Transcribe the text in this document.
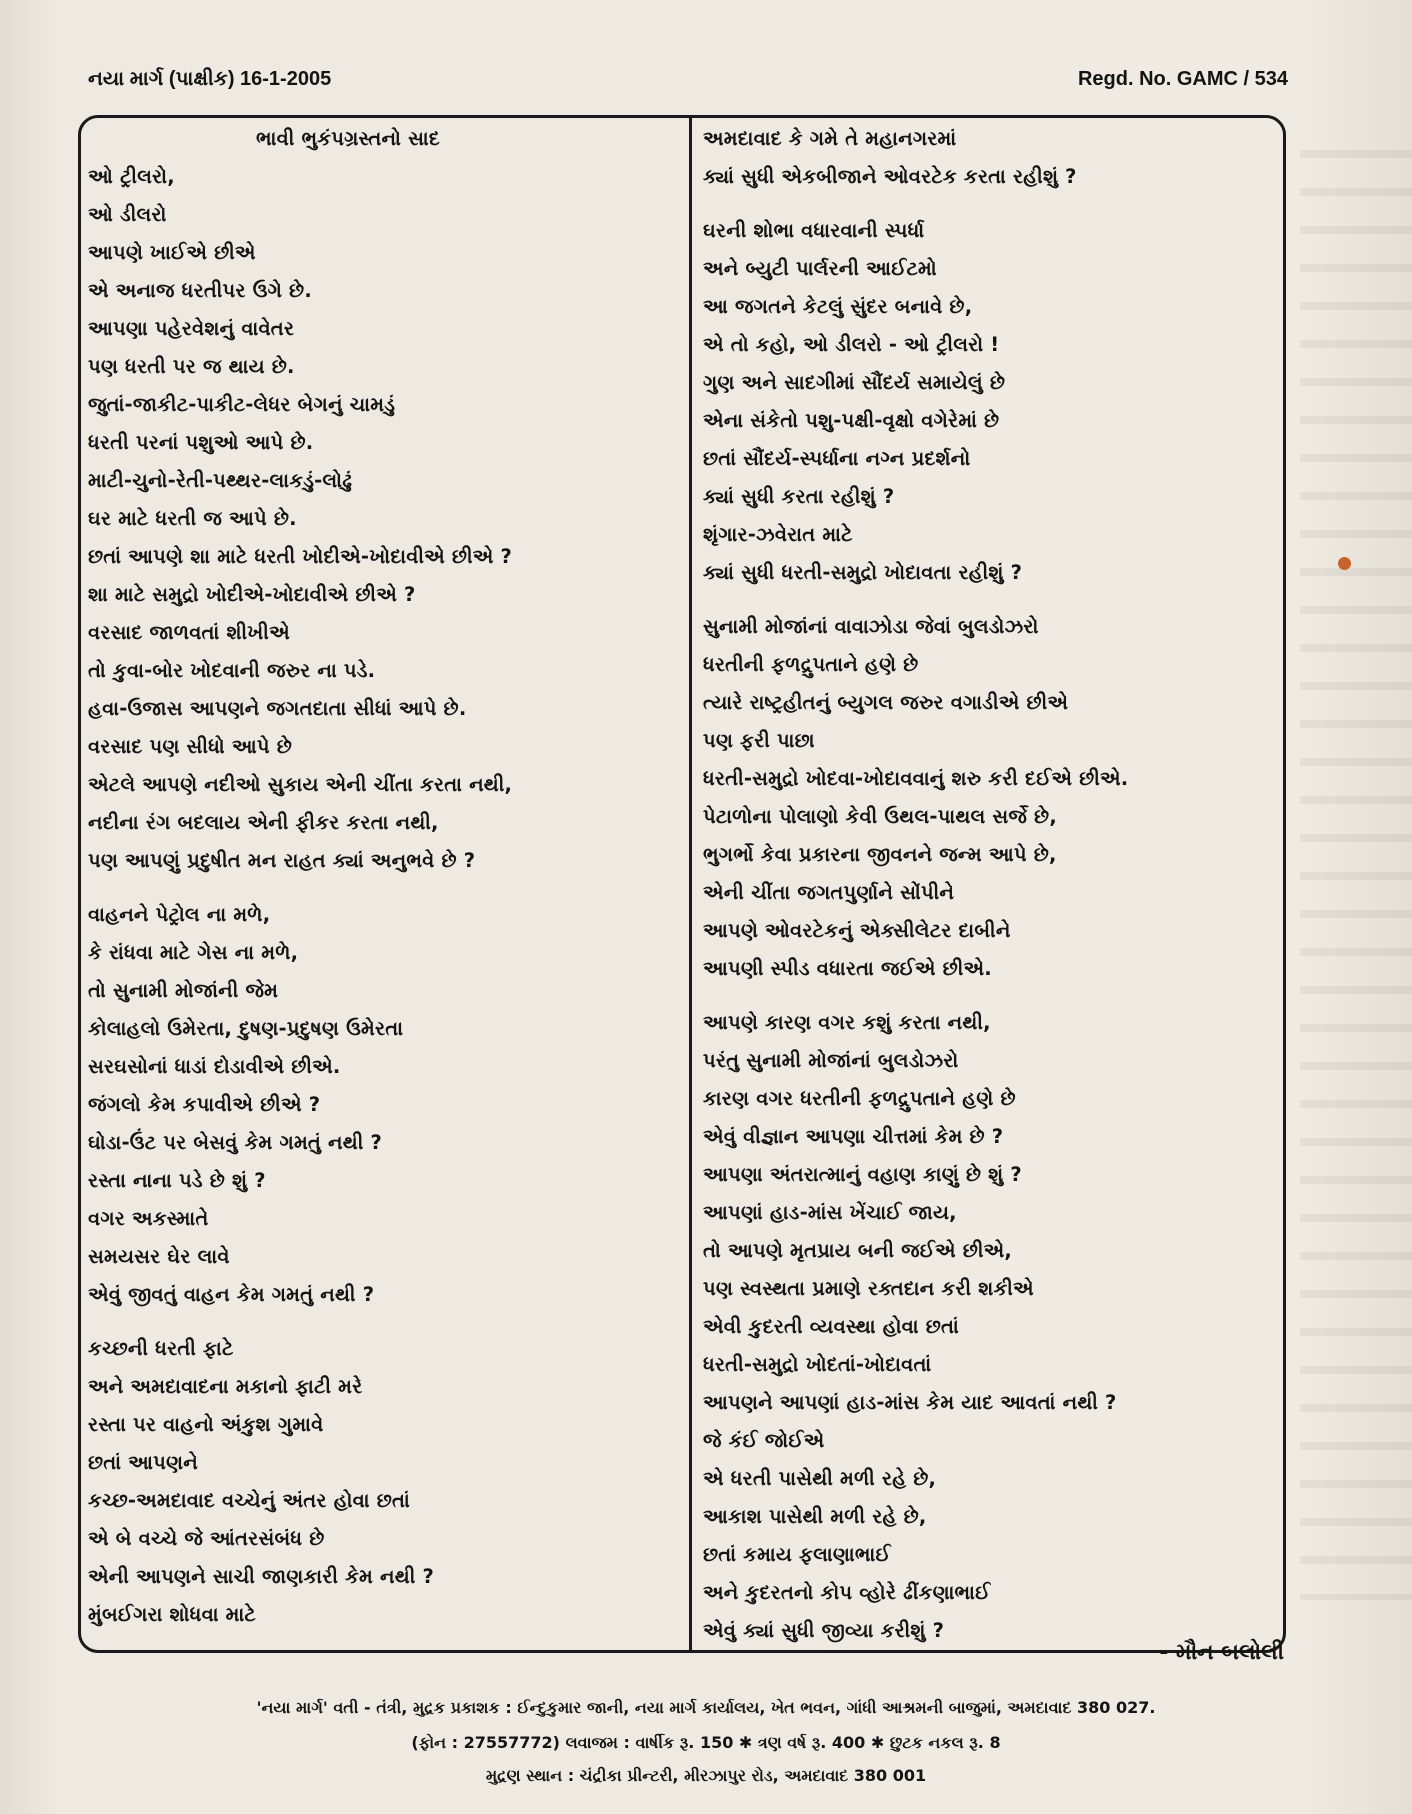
નયા માર્ગ (પાક્ષીક) 16-1-2005	Regd. No. GAMC / 534
ભાવી ભુકંપગ્રસ્તનો સાદ
ઓ ટ્રીલરો,
ઓ ડીલરો
આપણે ખાઈએ છીએ
એ અનાજ ધરતીપર ઉગે છે.
આપણા પહેરવેશનું વાવેતર
પણ ધરતી પર જ થાય છે.
જુતાં-જાકીટ-પાકીટ-લેધર બેગનું ચામડું
ધરતી પરનાં પશુઓ આપે છે.
માટી-ચુનો-રેતી-પથ્થર-લાકડું-લોઢું
ઘર માટે ધરતી જ આપે છે.
છતાં આપણે શા માટે ધરતી ખોદીએ-ખોદાવીએ છીએ ?
શા માટે સમુદ્રો ખોદીએ-ખોદાવીએ છીએ ?
વરસાદ જાળવતાં શીખીએ
તો કુવા-બોર ખોદવાની જરુર ના પડે.
હવા-ઉજાસ આપણને જગતદાતા સીધાં આપે છે.
વરસાદ પણ સીધો આપે છે
એટલે આપણે નદીઓ સુકાય એની ચીંતા કરતા નથી,
નદીના રંગ બદલાય એની ફીકર કરતા નથી,
પણ આપણું પ્રદુષીત મન રાહત ક્યાં અનુભવે છે ?
વાહનને પેટ્રોલ ના મળે,
કે રાંધવા માટે ગેસ ના મળે,
તો સુનામી મોજાંની જેમ
કોલાહલો ઉમેરતા, દુષણ-પ્રદુષણ ઉમેરતા
સરઘસોનાં ધાડાં દોડાવીએ છીએ.
જંગલો કેમ કપાવીએ છીએ ?
ઘોડા-ઉંટ પર બેસવું કેમ ગમતું નથી ?
રસ્તા નાના પડે છે શું ?
વગર અકસ્માતે
સમયસર ઘેર લાવે
એવું જીવતું વાહન કેમ ગમતું નથી ?
કચ્છની ધરતી ફાટે
અને અમદાવાદના મકાનો ફાટી મરે
રસ્તા પર વાહનો અંકુશ ગુમાવે
છતાં આપણને
કચ્છ-અમદાવાદ વચ્ચેનું અંતર હોવા છતાં
એ બે વચ્ચે જે આંતરસંબંધ છે
એની આપણને સાચી જાણકારી કેમ નથી ?
મુંબઈગરા શોધવા માટે
અમદાવાદ કે ગમે તે મહાનગરમાં
ક્યાં સુધી એકબીજાને ઓવરટેક કરતા રહીશું ?
ઘરની શોભા વધારવાની સ્પર્ધા
અને બ્યુટી પાર્લરની આઈટમો
આ જગતને કેટલું સુંદર બનાવે છે,
એ તો કહો, ઓ ડીલરો - ઓ ટ્રીલરો !
ગુણ અને સાદગીમાં સૌંદર્ય સમાયેલું છે
એના સંકેતો પશુ-પક્ષી-વૃક્ષો વગેરેમાં છે
છતાં સૌંદર્ય-સ્પર્ધાના નગ્ન પ્રદર્શનો
ક્યાં સુધી કરતા રહીશું ?
શૃંગાર-ઝવેરાત માટે
ક્યાં સુધી ધરતી-સમુદ્રો ખોદાવતા રહીશું ?
સુનામી મોજાંનાં વાવાઝોડા જેવાં બુલડોઝરો
ધરતીની ફળદ્રુપતાને હણે છે
ત્યારે રાષ્ટ્રહીતનું બ્યુગલ જરુર વગાડીએ છીએ
પણ ફરી પાછા
ધરતી-સમુદ્રો ખોદવા-ખોદાવવાનું શરુ કરી દઈએ છીએ.
પેટાળોના પોલાણો કેવી ઉથલ-પાથલ સર્જે છે,
ભુગર્ભો કેવા પ્રકારના જીવનને જન્મ આપે છે,
એની ચીંતા જગતપુર્ણાને સોંપીને
આપણે ઓવરટેકનું એક્સીલેટર દાબીને
આપણી સ્પીડ વધારતા જઈએ છીએ.
આપણે કારણ વગર કશું કરતા નથી,
પરંતુ સુનામી મોજાંનાં બુલડોઝરો
કારણ વગર ધરતીની ફળદ્રુપતાને હણે છે
એવું વીજ્ઞાન આપણા ચીત્તમાં કેમ છે ?
આપણા અંતરાત્માનું વહાણ કાણું છે શું ?
આપણાં હાડ-માંસ ખેંચાઈ જાય,
તો આપણે મૃતપ્રાય બની જઈએ છીએ,
પણ સ્વસ્થતા પ્રમાણે રક્તદાન કરી શકીએ
એવી કુદરતી વ્યવસ્થા હોવા છતાં
ધરતી-સમુદ્રો ખોદતાં-ખોદાવતાં
આપણને આપણાં હાડ-માંસ કેમ યાદ આવતાં નથી ?
જે કંઈ જોઈએ
એ ધરતી પાસેથી મળી રહે છે,
આકાશ પાસેથી મળી રહે છે,
છતાં કમાય ફલાણાભાઈ
અને કુદરતનો કોપ વ્હોરે ઢીંકણાભાઈ
એવું ક્યાં સુધી જીવ્યા કરીશું ?
- મૌન બલોલી
'નયા માર્ગ' વતી - તંત્રી, મુદ્રક પ્રકાશક : ઈન્દુકુમાર જાની, નયા માર્ગ કાર્યાલય, ખેત ભવન, ગાંધી આશ્રમની બાજુમાં, અમદાવાદ 380 027.
(ફોન : 27557772) લવાજમ : વાર્ષીક રૂ. 150 ✱ ત્રણ વર્ષ રૂ. 400 ✱ છુટક નકલ રૂ. 8
મુદ્રણ સ્થાન : ચંદ્રીકા પ્રીન્ટરી, મીરઝાપુર રોડ, અમદાવાદ 380 001
